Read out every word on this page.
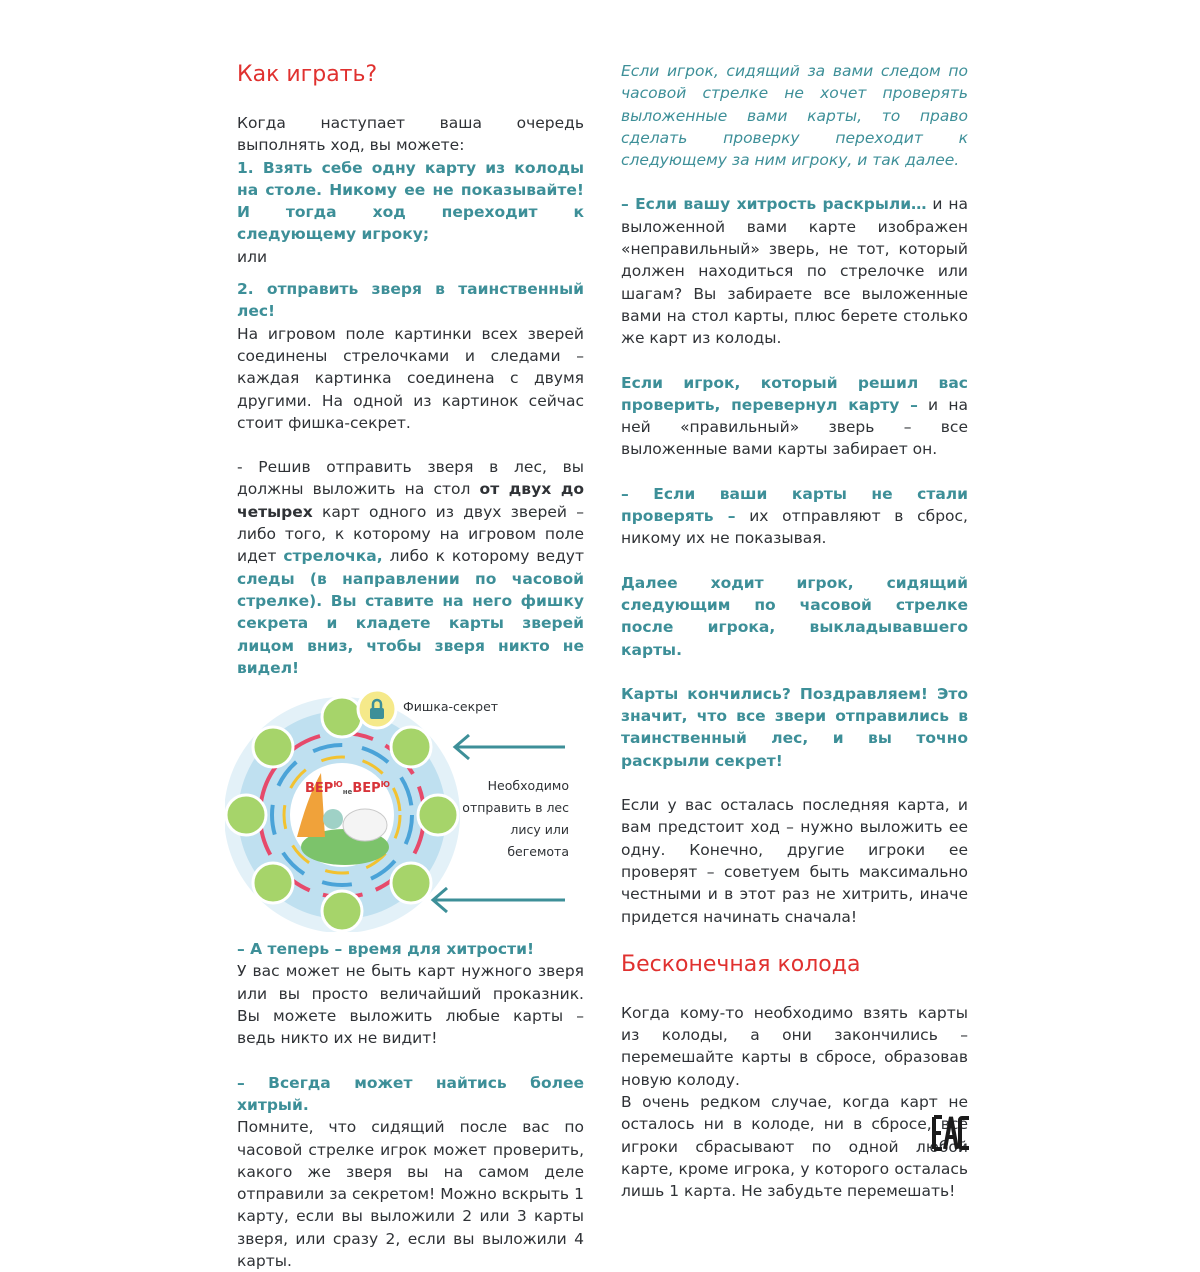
Как играть?

Когда наступает ваша очередь выполнять ход, вы можете:

1. Взять себе одну карту из колоды на столе. Никому ее не показывайте! И тогда ход переходит к следующему игроку;

или

2. отправить зверя в таинственный лес!

На игровом поле картинки всех зверей соединены стрелочками и следами – каждая картинка соединена с двумя другими. На одной из картинок сейчас стоит фишка-секрет.

- Решив отправить зверя в лес, вы должны выложить на стол от двух до четырех карт одного из двух зверей – либо того, к которому на игровом поле идет стрелочка, либо к которому ведут следы (в направлении по часовой стрелке). Вы ставите на него фишку секрета и кладете карты зверей лицом вниз, чтобы зверя никто не видел!

$ВЕР^Ю_{не}ВЕР^Ю$
Фишка-секрет
Необходимо отправить в лес лису или бегемота

– А теперь – время для хитрости!

У вас может не быть карт нужного зверя или вы просто величайший проказник. Вы можете выложить любые карты – ведь никто их не видит!

– Всегда может найтись более хитрый.

Помните, что сидящий после вас по часовой стрелке игрок может проверить, какого же зверя вы на самом деле отправили за секретом! Можно вскрыть 1 карту, если вы выложили 2 или 3 карты зверя, или сразу 2, если вы выложили 4 карты.

Если игрок, сидящий за вами следом по часовой стрелке не хочет проверять выложенные вами карты, то право сделать проверку переходит к следующему за ним игроку, и так далее.

– Если вашу хитрость раскрыли… и на выложенной вами карте изображен «неправильный» зверь, не тот, который должен находиться по стрелочке или шагам? Вы забираете все выложенные вами на стол карты, плюс берете столько же карт из колоды.

Если игрок, который решил вас проверить, перевернул карту – и на ней «правильный» зверь – все выложенные вами карты забирает он.

– Если ваши карты не стали проверять – их отправляют в сброс, никому их не показывая.

Далее ходит игрок, сидящий следующим по часовой стрелке после игрока, выкладывавшего карты.

Карты кончились? Поздравляем! Это значит, что все звери отправились в таинственный лес, и вы точно раскрыли секрет!

Если у вас осталась последняя карта, и вам предстоит ход – нужно выложить ее одну. Конечно, другие игроки ее проверят – советуем быть максимально честными и в этот раз не хитрить, иначе придется начинать сначала!

Бесконечная колода

Когда кому-то необходимо взять карты из колоды, а они закончились – перемешайте карты в сбросе, образовав новую колоду.

В очень редком случае, когда карт не осталось ни в колоде, ни в сбросе, все игроки сбрасывают по одной любой карте, кроме игрока, у которого осталась лишь 1 карта. Не забудьте перемешать!
